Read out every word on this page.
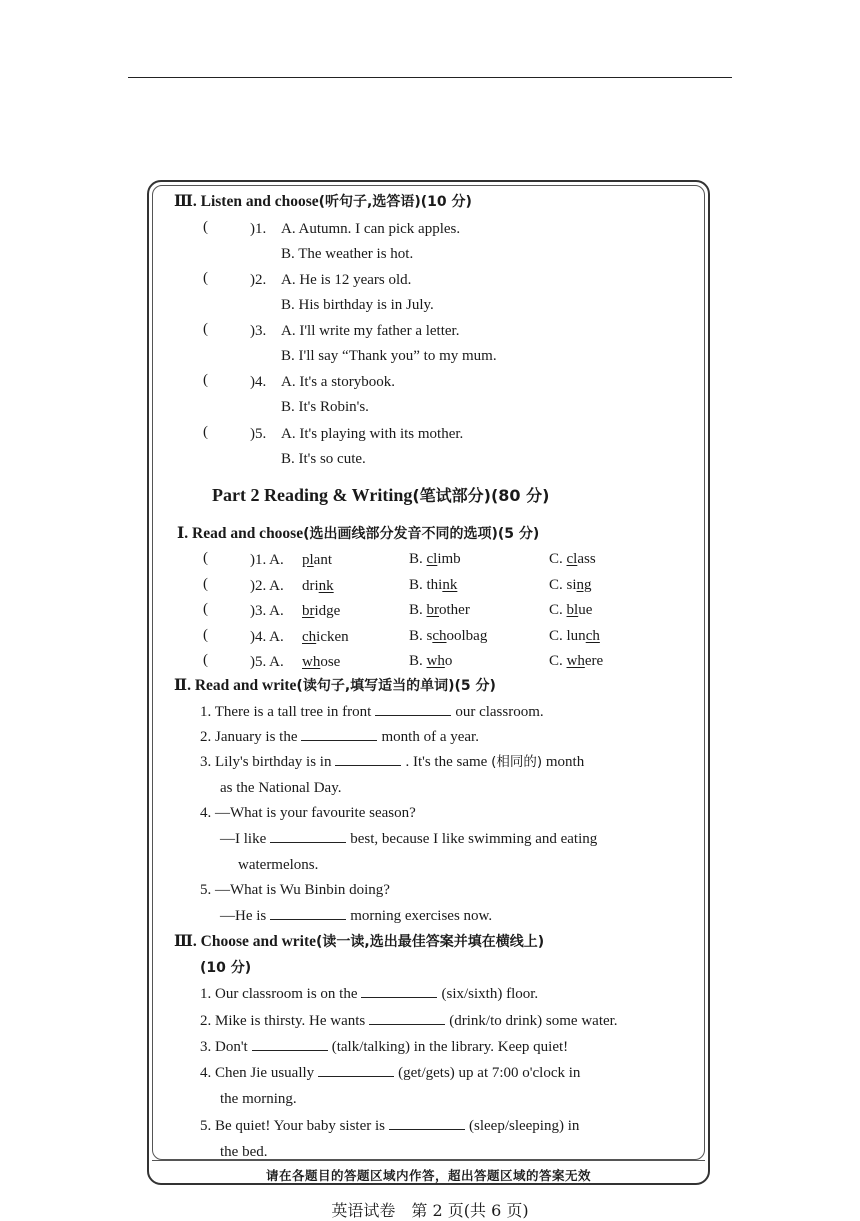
Ⅲ. Listen and choose(听句子,选答语)(10 分)
(	)1. A. Autumn. I can pick apples.
B. The weather is hot.
(	)2. A. He is 12 years old.
B. His birthday is in July.
(	)3. A. I'll write my father a letter.
B. I'll say “Thank you” to my mum.
(	)4. A. It's a storybook.
B. It's Robin's.
(	)5. A. It's playing with its mother.
B. It's so cute.
Part 2 Reading & Writing(笔试部分)(80 分)
Ⅰ. Read and choose(选出画线部分发音不同的选项)(5 分)
(	)1. A. plant	B. climb	C. class
(	)2. A. drink	B. think	C. sing
(	)3. A. bridge	B. brother	C. blue
(	)4. A. chicken	B. schoolbag	C. lunch
(	)5. A. whose	B. who	C. where
Ⅱ. Read and write(读句子,填写适当的单词)(5 分)
1. There is a tall tree in front	our classroom.
2. January is the	month of a year.
3. Lily's birthday is in	. It's the same (相同的) month
as the National Day.
4. —What is your favourite season?
—I like	best, because I like swimming and eating
watermelons.
5. —What is Wu Binbin doing?
—He is	morning exercises now.
Ⅲ. Choose and write(读一读,选出最佳答案并填在横线上)
(10 分)
1. Our classroom is on the	(six/sixth) floor.
2. Mike is thirsty. He wants	(drink/to drink) some water.
3. Don't	(talk/talking) in the library. Keep quiet!
4. Chen Jie usually	(get/gets) up at 7:00 o'clock in
the morning.
5. Be quiet! Your baby sister is	(sleep/sleeping) in
the bed.
请在各题目的答题区域内作答，超出答题区域的答案无效
英语试卷　第 2 页(共 6 页)
